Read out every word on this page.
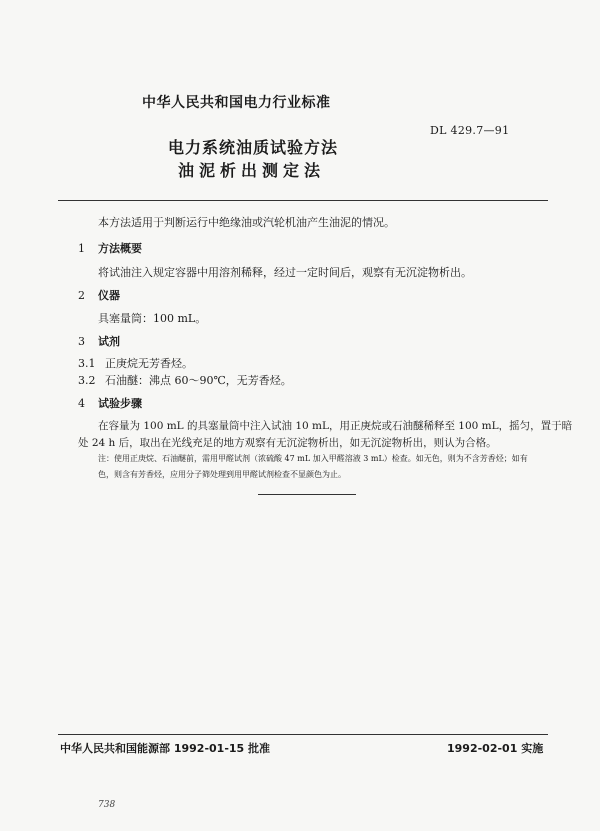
中华人民共和国电力行业标准
DL 429.7—91
电力系统油质试验方法
油泥析出测定法
本方法适用于判断运行中绝缘油或汽轮机油产生油泥的情况。
1 方法概要
将试油注入规定容器中用溶剂稀释，经过一定时间后，观察有无沉淀物析出。
2 仪器
具塞量筒：100 mL。
3 试剂
3.1 正庚烷无芳香烃。
3.2 石油醚：沸点 60～90℃，无芳香烃。
4 试验步骤
在容量为 100 mL 的具塞量筒中注入试油 10 mL，用正庚烷或石油醚稀释至 100 mL，摇匀，置于暗
处 24 h 后，取出在光线充足的地方观察有无沉淀物析出，如无沉淀物析出，则认为合格。
注：使用正庚烷、石油醚前，需用甲醛试剂（浓硫酸 47 mL 加入甲醛溶液 3 mL）检查。如无色，则为不含芳香烃；如有
色，则含有芳香烃，应用分子筛处理到用甲醛试剂检查不显颜色为止。
中华人民共和国能源部 1992-01-15 批准	1992-02-01 实施
738
